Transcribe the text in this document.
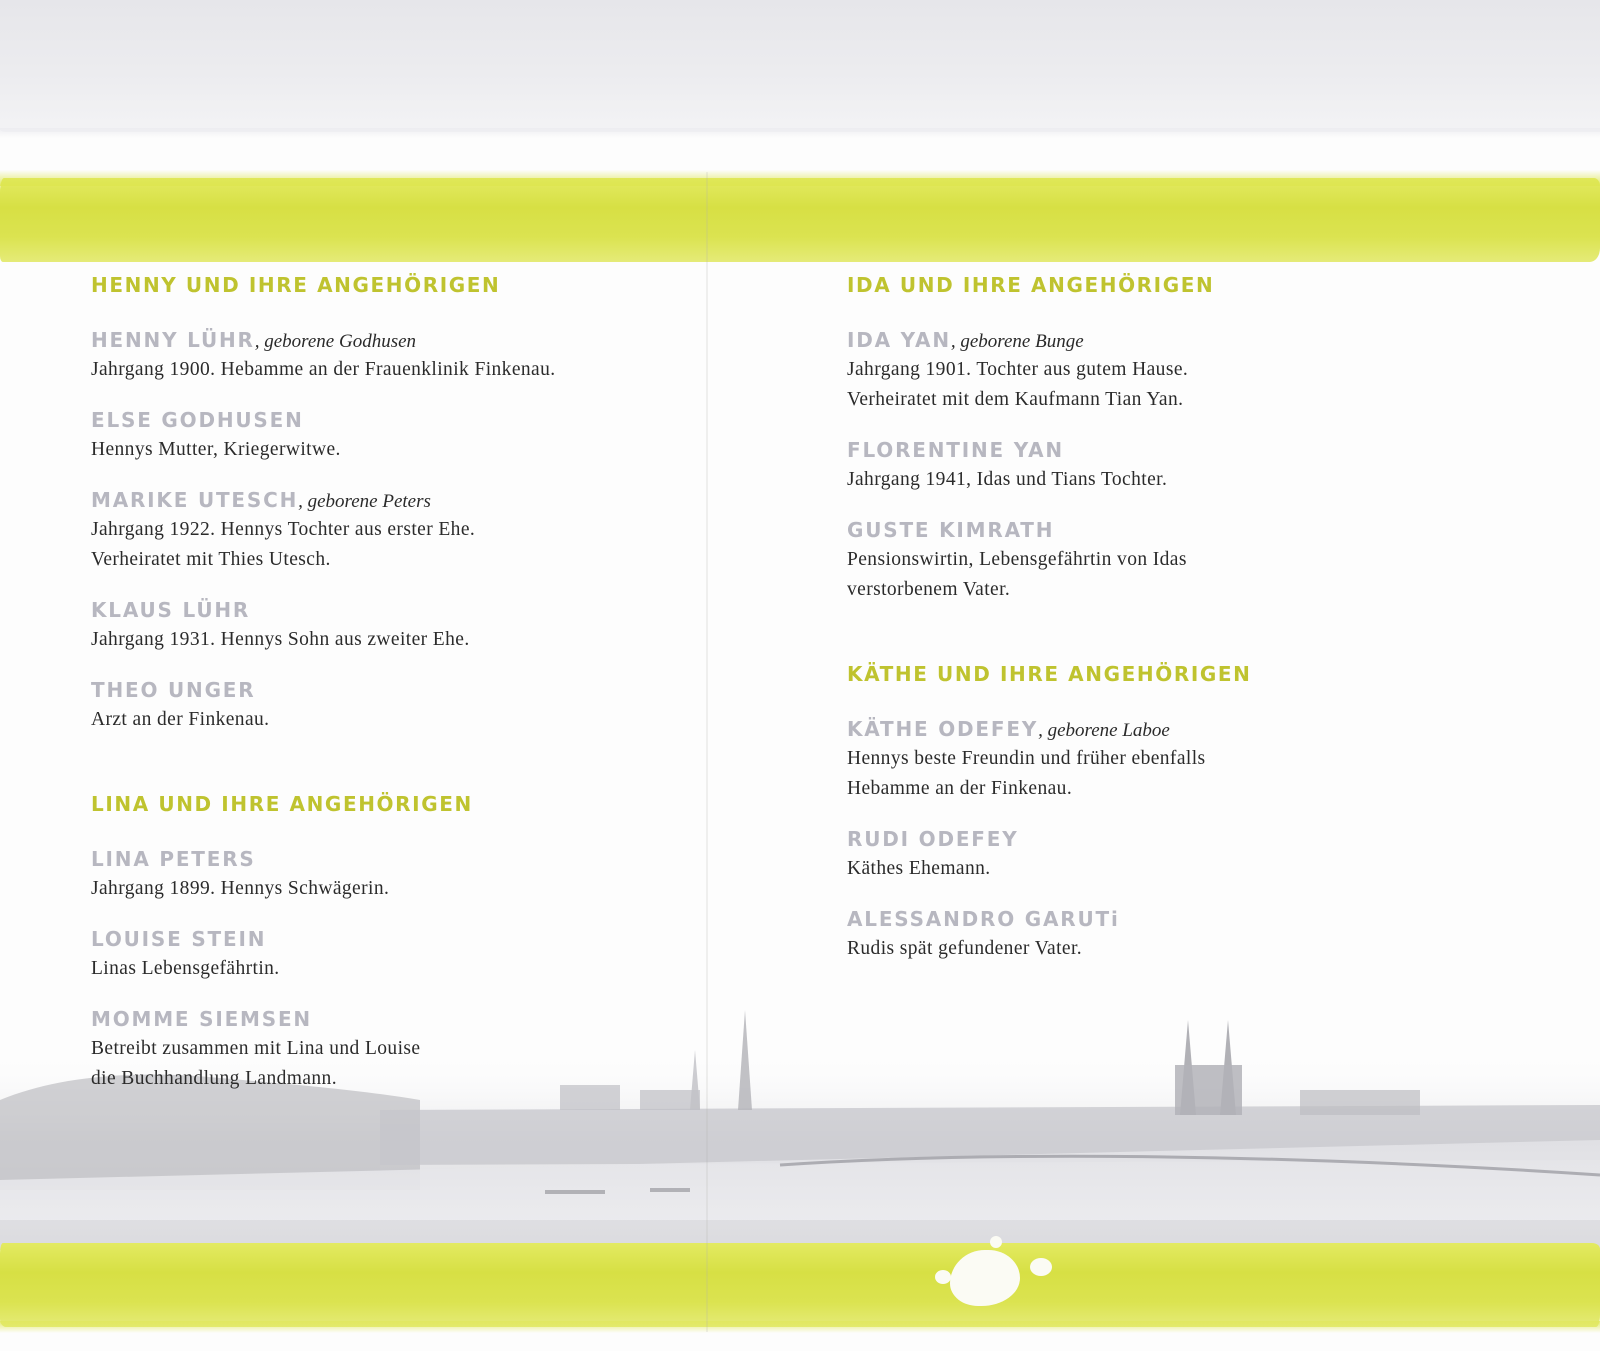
HENNY UND IHRE ANGEHÖRIGEN
HENNY LÜHR, geborene Godhusen
Jahrgang 1900. Hebamme an der Frauenklinik Finkenau.
ELSE GODHUSEN
Hennys Mutter, Kriegerwitwe.
MARIKE UTESCH, geborene Peters
Jahrgang 1922. Hennys Tochter aus erster Ehe.
Verheiratet mit Thies Utesch.
KLAUS LÜHR
Jahrgang 1931. Hennys Sohn aus zweiter Ehe.
THEO UNGER
Arzt an der Finkenau.
LINA UND IHRE ANGEHÖRIGEN
LINA PETERS
Jahrgang 1899. Hennys Schwägerin.
LOUISE STEIN
Linas Lebensgefährtin.
MOMME SIEMSEN
Betreibt zusammen mit Lina und Louise
die Buchhandlung Landmann.
IDA UND IHRE ANGEHÖRIGEN
IDA YAN, geborene Bunge
Jahrgang 1901. Tochter aus gutem Hause.
Verheiratet mit dem Kaufmann Tian Yan.
FLORENTINE YAN
Jahrgang 1941, Idas und Tians Tochter.
GUSTE KIMRATH
Pensionswirtin, Lebensgefährtin von Idas
verstorbenem Vater.
KÄTHE UND IHRE ANGEHÖRIGEN
KÄTHE ODEFEY, geborene Laboe
Hennys beste Freundin und früher ebenfalls
Hebamme an der Finkenau.
RUDI ODEFEY
Käthes Ehemann.
ALESSANDRO GARUTi
Rudis spät gefundener Vater.
